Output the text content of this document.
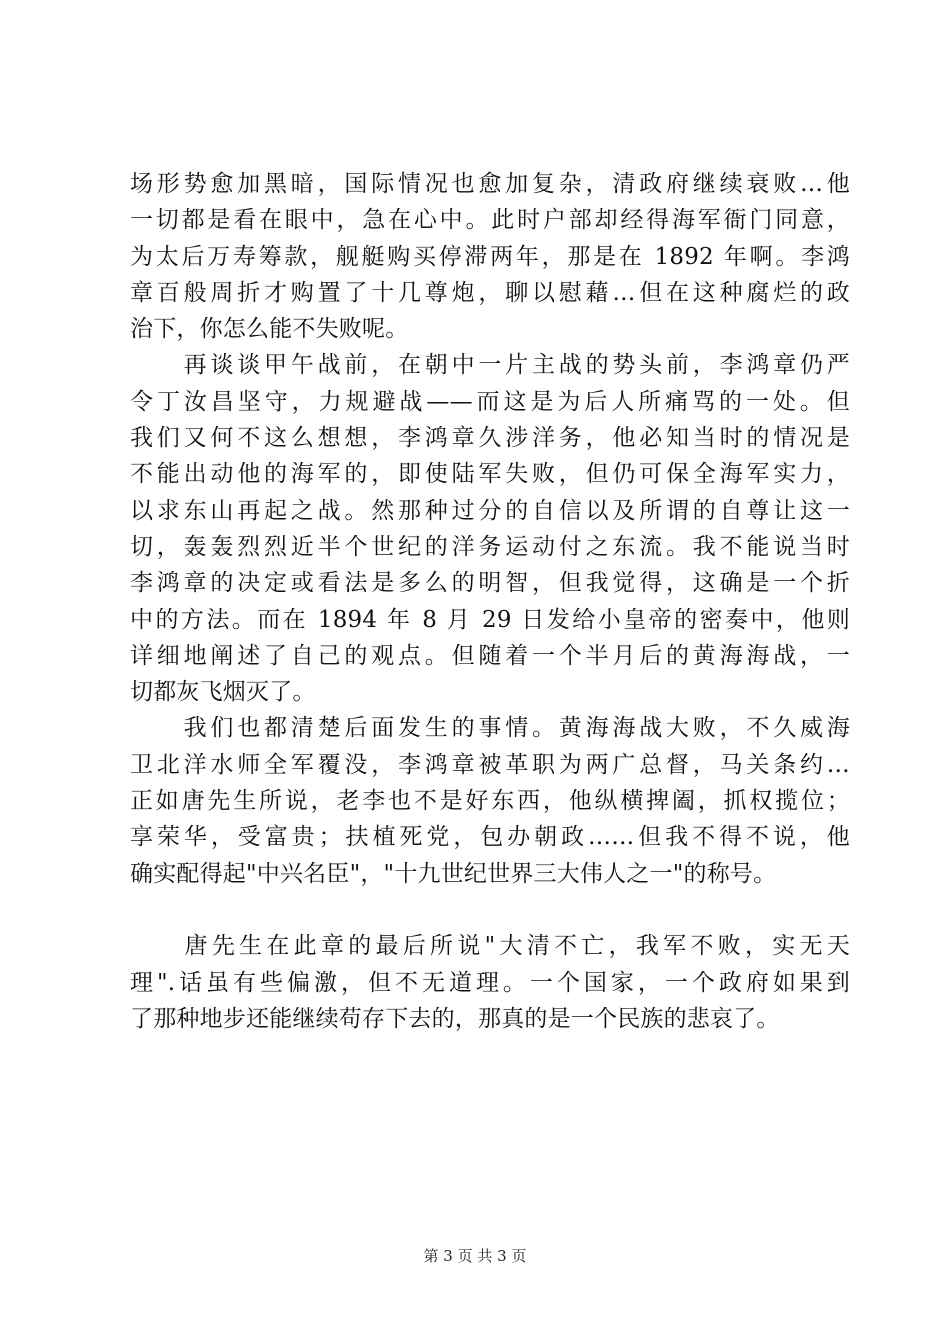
场形势愈加黑暗，国际情况也愈加复杂，清政府继续衰败…他
一切都是看在眼中，急在心中。此时户部却经得海军衙门同意，
为太后万寿筹款，舰艇购买停滞两年，那是在 1892 年啊。李鸿
章百般周折才购置了十几尊炮，聊以慰藉…但在这种腐烂的政
治下，你怎么能不失败呢。
　　再谈谈甲午战前，在朝中一片主战的势头前，李鸿章仍严
令丁汝昌坚守，力规避战——而这是为后人所痛骂的一处。但
我们又何不这么想想，李鸿章久涉洋务，他必知当时的情况是
不能出动他的海军的，即使陆军失败，但仍可保全海军实力，
以求东山再起之战。然那种过分的自信以及所谓的自尊让这一
切，轰轰烈烈近半个世纪的洋务运动付之东流。我不能说当时
李鸿章的决定或看法是多么的明智，但我觉得，这确是一个折
中的方法。而在 1894 年 8 月 29 日发给小皇帝的密奏中，他则
详细地阐述了自己的观点。但随着一个半月后的黄海海战，一
切都灰飞烟灭了。
　　我们也都清楚后面发生的事情。黄海海战大败，不久威海
卫北洋水师全军覆没，李鸿章被革职为两广总督，马关条约…
正如唐先生所说，老李也不是好东西，他纵横捭阖，抓权揽位；
享荣华，受富贵；扶植死党，包办朝政……但我不得不说，他
确实配得起"中兴名臣"，"十九世纪世界三大伟人之一"的称号。
　　唐先生在此章的最后所说"大清不亡，我军不败，实无天
理".话虽有些偏激，但不无道理。一个国家，一个政府如果到
了那种地步还能继续苟存下去的，那真的是一个民族的悲哀了。
第 3 页 共 3 页
